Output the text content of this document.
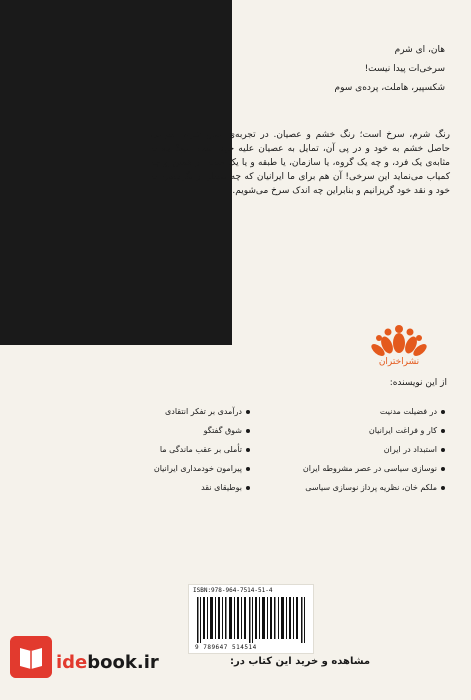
هان، ای شرم
سرخی‌ات پیدا نیست!
شکسپیر، هاملت، پرده‌ی سوم
رنگ شرم، سرخ است؛ رنگ خشم و عصیان. در تجربه‌ی حس شرم، سرخی حاصل خشم به خود و در پی آن، تمایل به عصیان علیه خود است؛ خودْ چه به مثابه‌ی یک فرد، و چه یک گروه، یا سازمان، یا طبقه و یا یک ملت. از همین‌رو چه کمیاب می‌نماید این سرخی! آن هم برای ما ایرانیان که چه بسیار از نگریستن به خود و نقد خود گریزانیم و بنابراین چه اندک سرخ می‌شویم.
نشراختران
از این نویسنده:
در فضیلت مدنیت
کار و فراغت ایرانیان
استبداد در ایران
نوسازی سیاسی در عصر مشروطه ایران
ملکم خان، نظریه پرداز نوسازی سیاسی
درآمدی بر تفکر انتقادی
شوق گفتگو
تأملی بر عقب ماندگی ما
پیرامون خودمداری ایرانیان
بوطیقای نقد
ISBN:978-964-7514-51-4
9 789647 514514
idebook.ir	مشاهده و خرید این کتاب در:
